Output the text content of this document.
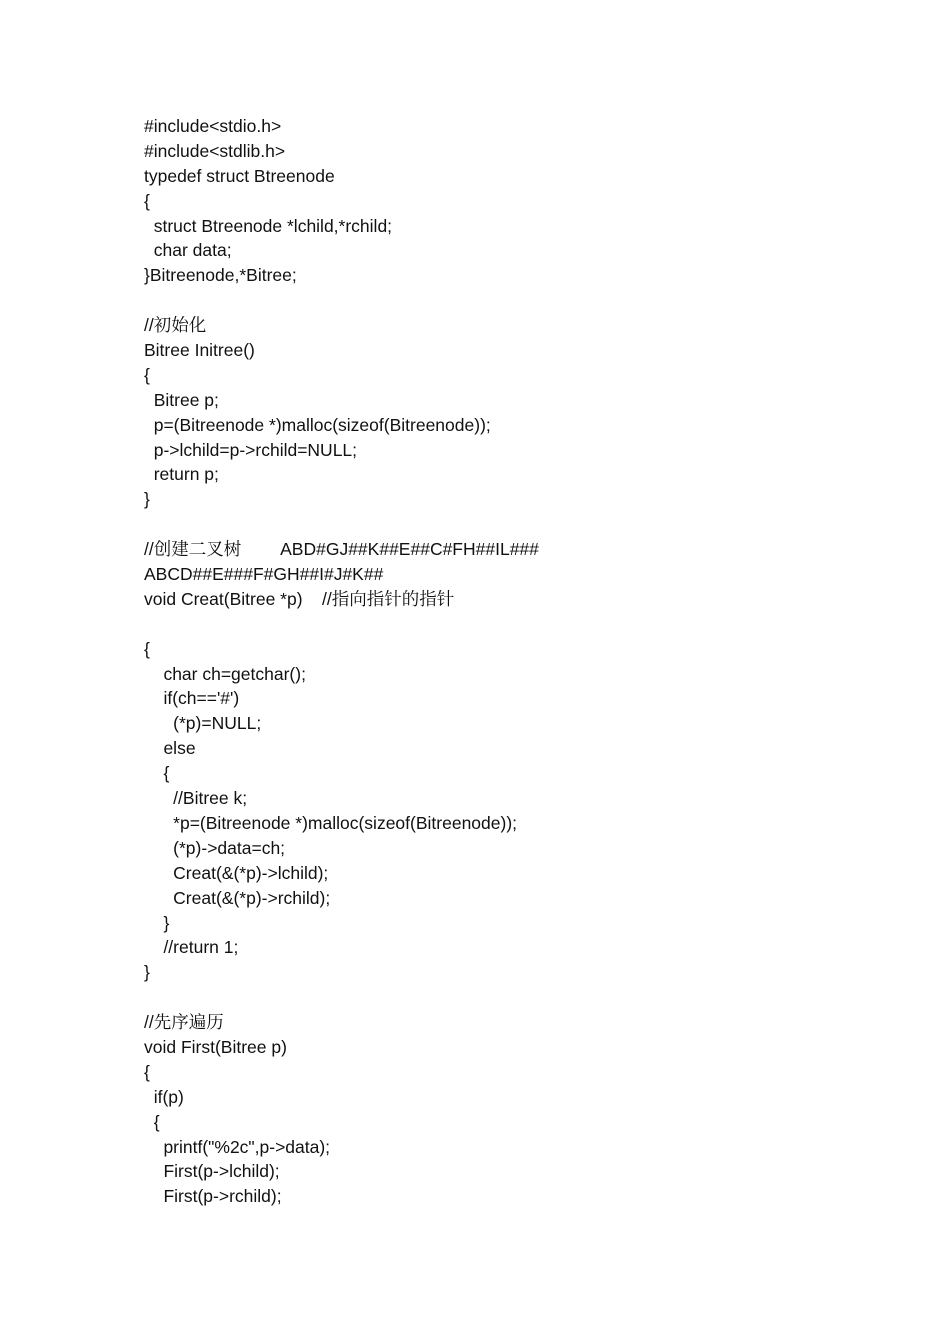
#include<stdio.h>
#include<stdlib.h>
typedef struct Btreenode
{
struct Btreenode *lchild,*rchild;
char data;
}Bitreenode,*Bitree;
//初始化
Bitree Initree()
{
Bitree p;
p=(Bitreenode *)malloc(sizeof(Bitreenode));
p->lchild=p->rchild=NULL;
return p;
}
//创建二叉树        ABD#GJ##K##E##C#FH##IL###
ABCD##E###F#GH##I#J#K##
void Creat(Bitree *p)    //指向指针的指针
{
char ch=getchar();
if(ch=='#')
(*p)=NULL;
else
{
//Bitree k;
*p=(Bitreenode *)malloc(sizeof(Bitreenode));
(*p)->data=ch;
Creat(&(*p)->lchild);
Creat(&(*p)->rchild);
}
//return 1;
}
//先序遍历
void First(Bitree p)
{
if(p)
{
printf("%2c",p->data);
First(p->lchild);
First(p->rchild);
